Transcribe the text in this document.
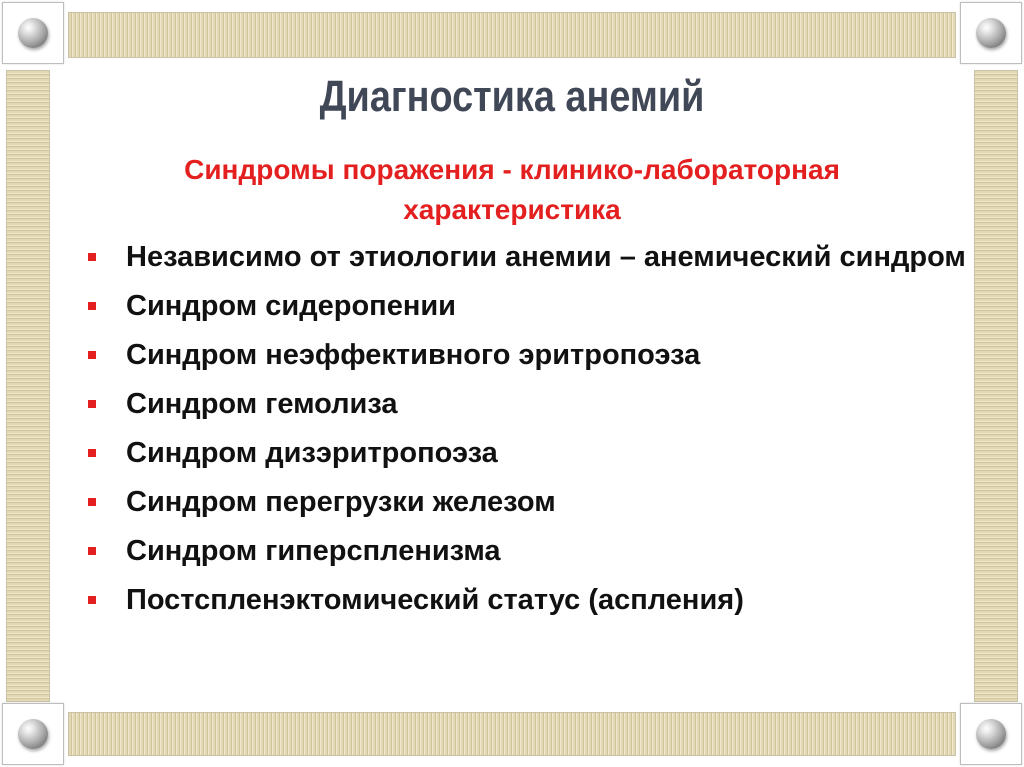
Диагностика анемий

Синдромы поражения - клинико-лабораторная характеристика

Независимо от этиологии анемии – анемический синдром
Синдром сидеропении
Синдром неэффективного эритропоэза
Синдром гемолиза
Синдром дизэритропоэза
Синдром перегрузки железом
Синдром гиперспленизма
Постспленэктомический статус (аспления)
